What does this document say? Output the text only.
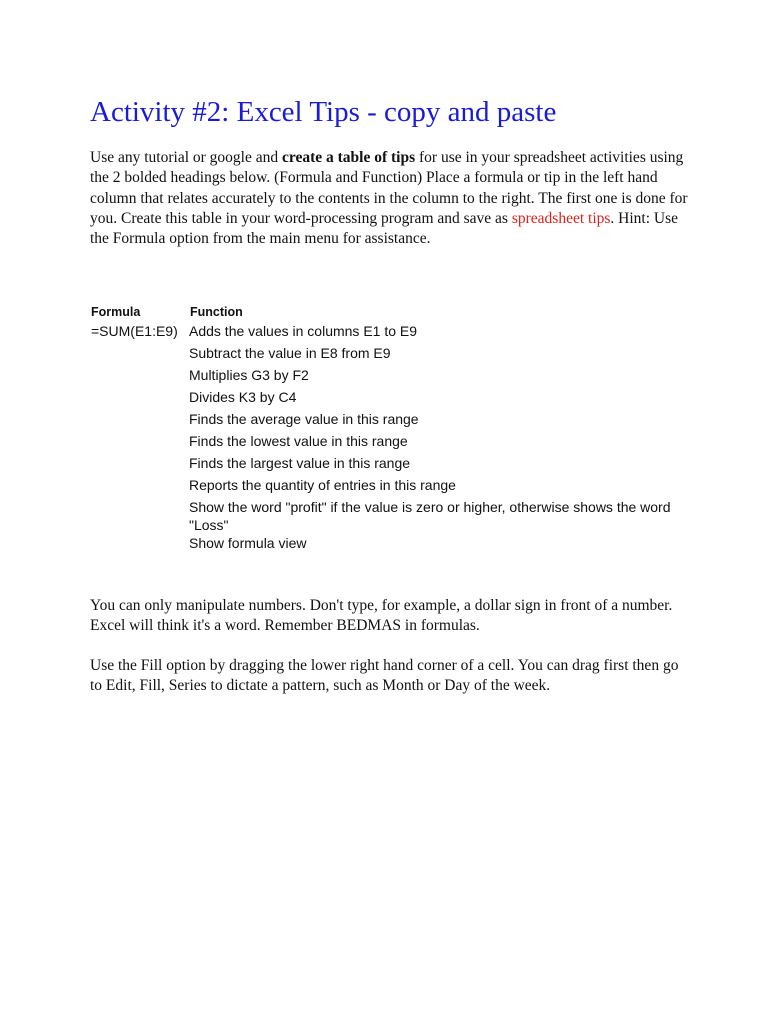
Activity #2: Excel Tips - copy and paste

Use any tutorial or google and create a table of tips for use in your spreadsheet activities using the 2 bolded headings below. (Formula and Function) Place a formula or tip in the left hand column that relates accurately to the contents in the column to the right. The first one is done for you. Create this table in your word-processing program and save as spreadsheet tips. Hint: Use the Formula option from the main menu for assistance.

Formula	Function
=SUM(E1:E9) Adds the values in columns E1 to E9
Subtract the value in E8 from E9
Multiplies G3 by F2
Divides K3 by C4
Finds the average value in this range
Finds the lowest value in this range
Finds the largest value in this range
Reports the quantity of entries in this range
Show the word "profit" if the value is zero or higher, otherwise shows the word "Loss"
Show formula view

You can only manipulate numbers. Don't type, for example, a dollar sign in front of a number. Excel will think it's a word. Remember BEDMAS in formulas.

Use the Fill option by dragging the lower right hand corner of a cell. You can drag first then go to Edit, Fill, Series to dictate a pattern, such as Month or Day of the week.
